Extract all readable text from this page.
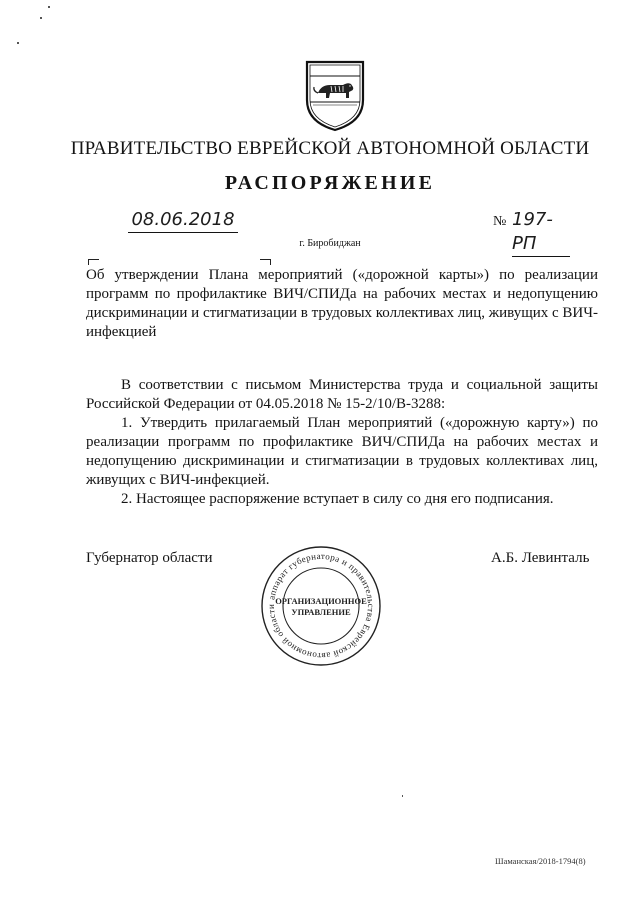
ПРАВИТЕЛЬСТВО ЕВРЕЙСКОЙ АВТОНОМНОЙ ОБЛАСТИ
РАСПОРЯЖЕНИЕ
08.06.2018	№ 197-РП
г. Биробиджан
Об утверждении Плана мероприятий («дорожной карты») по реализации программ по профилактике ВИЧ/СПИДа на рабочих местах и недопущению дискриминации и стигматизации в трудовых коллективах лиц, живущих с ВИЧ-инфекцией

В соответствии с письмом Министерства труда и социальной защиты Российской Федерации от 04.05.2018 № 15-2/10/В-3288:

1. Утвердить прилагаемый План мероприятий («дорожную карту») по реализации программ по профилактике ВИЧ/СПИДа на рабочих местах и недопущению дискриминации и стигматизации в трудовых коллективах лиц, живущих с ВИЧ-инфекцией.

2. Настоящее распоряжение вступает в силу со дня его подписания.

Губернатор области	А.Б. Левинталь
аппарат губернатора и правительства Еврейской автономной области
ОРГАНИЗАЦИОННОЕ
УПРАВЛЕНИЕ
Шаманская/2018-1794(8)
